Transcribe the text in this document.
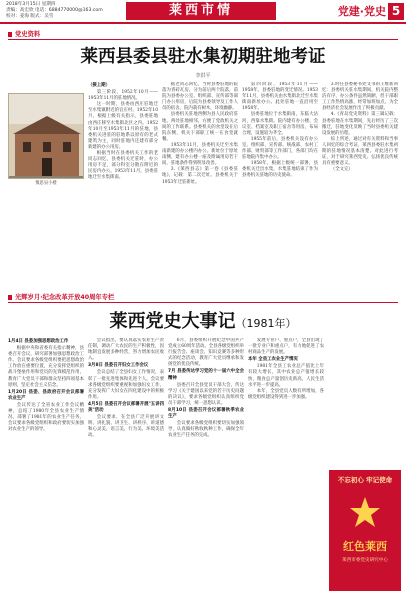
2018年3月15日 星期四
责编：高宏欣 电话：6884770000@163.com
校对：姜海 版式：吴雪	莱西市情	党建·党史 5
党史资料
莱西县委县驻水集初期驻地考证
李洪平
慎思泉小楼

（接上期）

第三阶段，1952年10月——1953年11月的驻地情况。

这一时期，县委由西庄驻地迁至水集镇附近的官庄村。1952年10月，根据上级有关指示，县委驻地由西庄移至水集街北区之内。1952年10月至1953年11月的驻地，县委机关进驻的驻地系以原有的老式建筑为主，同时驻地内还建有部分新建的办公用房。

根据当时在县委机关工作的老同志回忆，县委机关迁驻时，办公用房不足，部分科室分散在附近的民房内办公。1953年11月，县委驻地迁至水集街南。

据老同志回忆，当时县委驻地的院落为青砖瓦房，分为前后两个院落，前院为县委办公室、组织部、宣传部等部门办公用房，后院为县委领导及工作人员的宿舍。院内栽有树木，环境幽静。

县委机关驻地西侧为县人民政府驻地，两处驻地相邻，方便了党政机关之间的工作联系。县委机关的食堂设在后院东侧，机关干部职工统一在食堂就餐。

1953年11月，县委机关迁至水集南新建的办公楼内办公。新址位于原址南侧，建有办公楼一座及附属用房若干间，驻地条件得到明显改善。

3.《莱西县志》第一卷《县委驻地》，记载：第二次迁址。县委机关于1953年迁驻新址。

第四阶段，1953年11月——1958年，县委驻地的变迁情况。1953年11月，县委机关由水集街北迁至水集街南新址办公。此处驻地一直沿用至1958年。

县委驻地位于水集街南，东临大沽河，西靠水集街。院内建有办公楼、会议室、档案室及职工宿舍等用房，布局合理，设施较为齐全。

1955年前后，县委机关设有办公室、组织部、宣传部、统战部、农村工作部、财贸部等工作部门，各部门均在驻地院内集中办公。

1958年，根据上级统一部署，县委机关迁出水集，水集驻地结束了作为县委机关驻地的历史使命。

3.时任县委秘书处文书的王维新回忆：县委机关驻水集期间，机关院内整洁有序，办公条件虽然简陋，但干部职工工作热情高涨，经常加班加点，为全县经济社会发展作出了积极贡献。

4.《青岛党史资料》第三辑记载：县委驻地在水集期间，先后经历了三次搬迁，驻地变化反映了当时县委机关建设发展的历程。

综上所述，通过对有关资料和当事人回忆的综合考证，莱西县委驻水集初期的驻地情况基本清楚。对此进行考证，对于研究莱西党史、弘扬优良传统具有重要意义。

（全文完）

光辉岁月·纪念改革开放40周年专栏
莱西党史大事记（1981年）

1月4日 县委加强思想政治工作

根据中央和省委有关指示精神，县委召开会议，研究部署加强思想政治工作。会议要求各级党组织要把思想政治工作放在重要位置，充分发挥党组织的战斗堡垒作用和党员的先锋模范作用，教育广大党员干部和群众坚持四项基本原则，坚定社会主义信念。

1月20日 县委、县政府召开会议部署农业生产

会议传达了全省农业工作会议精神，总结了1980年全县农业生产情况，部署了1981年的农业生产任务。会议要求各级党组织和政府要切实加强对农业生产的领导。

会议指出，要认真落实农业生产责任制，调动广大农民的生产积极性，因地制宜发展多种经营，努力增加农民收入。

3月8日 县委召开妇女工作会议

会议总结了全县妇女工作情况，表彰了一批先进集体和先进个人。会议要求各级党组织要重视和加强妇女工作，充分发挥广大妇女在四化建设中的积极作用。

4月5日 县委召开会议部署开展"五讲四美"活动

会议要求，在全县广泛开展讲文明、讲礼貌、讲卫生、讲秩序、讲道德和心灵美、语言美、行为美、环境美活动。

6月，县委组织开展纪念中国共产党成立60周年活动。全县各级党组织举行报告会、座谈会、知识竞赛等多种形式的纪念活动，教育广大党员继承和发扬党的优良传统。

7月 县委传达学习党的十一届六中全会精神

县委召开全县党员干部大会，传达学习《关于建国以来党的若干历史问题的决议》，要求各级党组织认真组织党员干部学习，统一思想认识。

8月10日 县委召开会议部署秋季农业生产

会议要求各级党组织要切实加强领导，认真做好秋收秋种工作，确保全年农业生产任务的完成。

发展专业户、重点户，全县出现了一批专业户和重点户，有力地促进了农村商品生产的发展。

本年 全县工农业生产情况

1981年全县工农业总产值比上年有较大增长，其中农业总产值增长较快，粮食总产量创历史新高，人民生活水平进一步提高。

本年，全县党员人数有所增加，各级党组织建设得到进一步加强。

不忘初心 牢记使命
红色莱西
莱西市委党史研究中心
